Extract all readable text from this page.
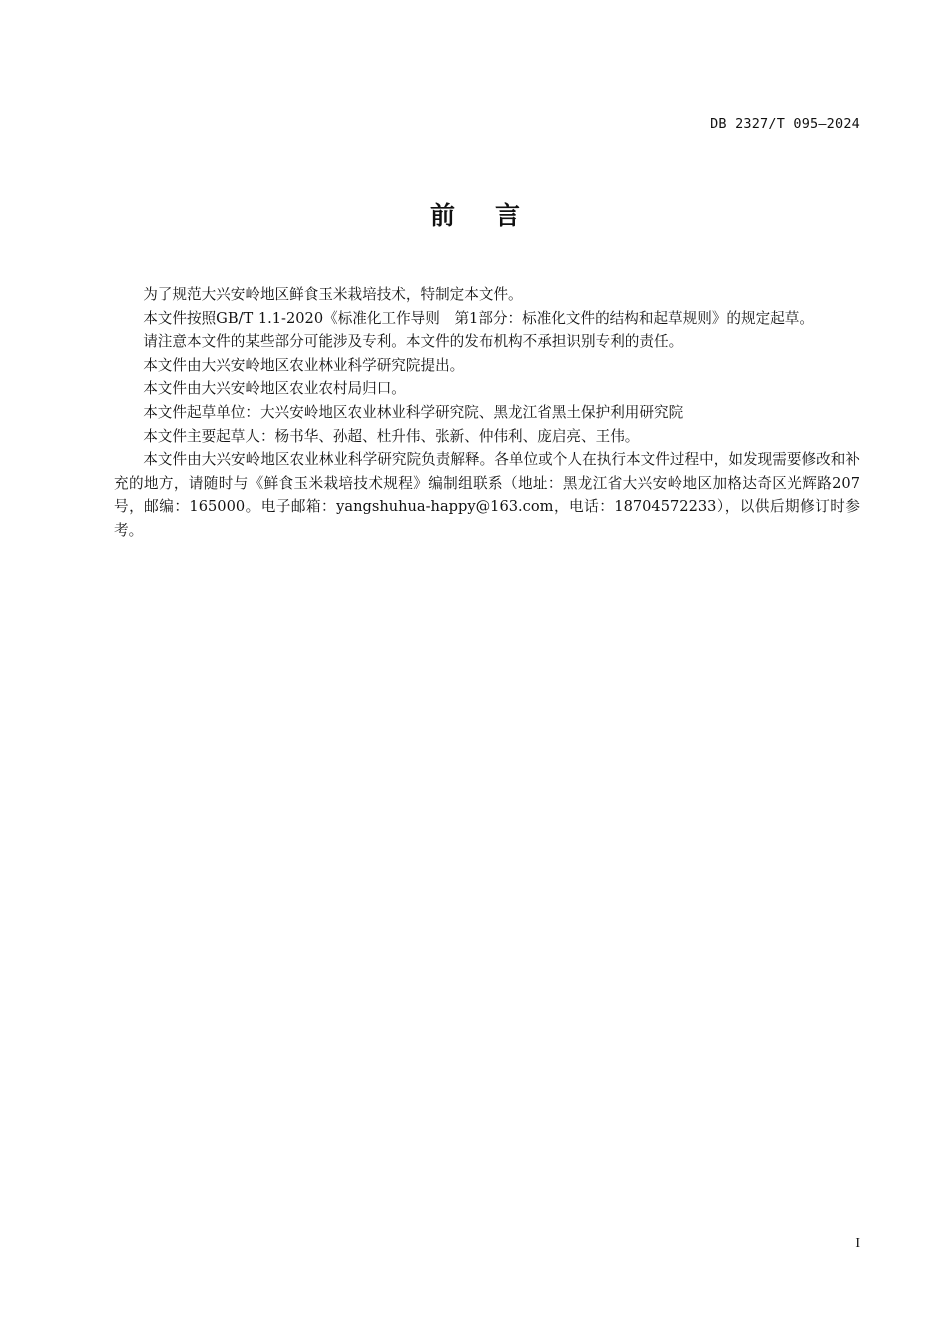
DB 2327/T 095—2024
前言

为了规范大兴安岭地区鲜食玉米栽培技术，特制定本文件。

本文件按照GB/T 1.1-2020《标准化工作导则　第1部分：标准化文件的结构和起草规则》的规定起草。

请注意本文件的某些部分可能涉及专利。本文件的发布机构不承担识别专利的责任。

本文件由大兴安岭地区农业林业科学研究院提出。

本文件由大兴安岭地区农业农村局归口。

本文件起草单位：大兴安岭地区农业林业科学研究院、黑龙江省黑土保护利用研究院

本文件主要起草人：杨书华、孙超、杜升伟、张新、仲伟利、庞启亮、王伟。

本文件由大兴安岭地区农业林业科学研究院负责解释。各单位或个人在执行本文件过程中，如发现需要修改和补充的地方，请随时与《鲜食玉米栽培技术规程》编制组联系（地址：黑龙江省大兴安岭地区加格达奇区光辉路207号，邮编：165000。电子邮箱：yangshuhua-happy@163.com，电话：18704572233），以供后期修订时参考。

I
